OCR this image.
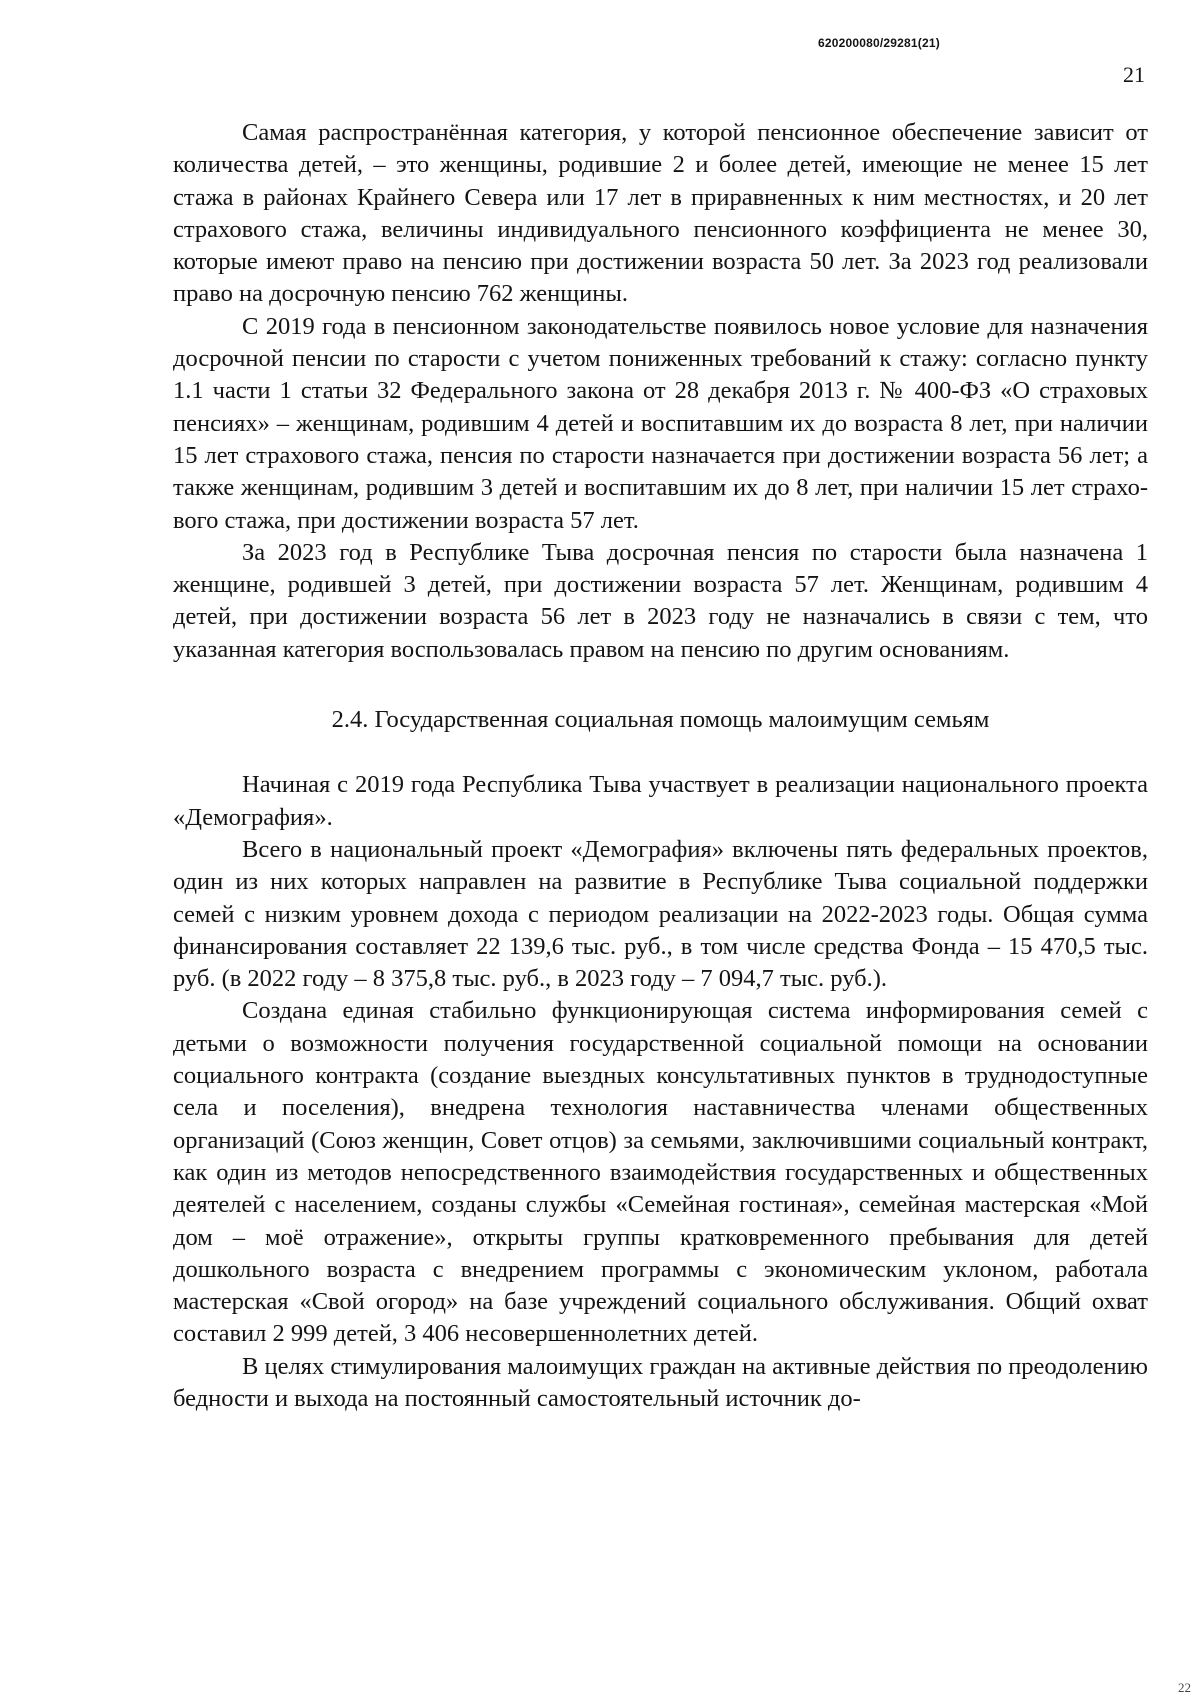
620200080/29281(21)
21

Самая распространённая категория, у которой пенсионное обеспечение зависит от количества детей, – это женщины, родившие 2 и более детей, имеющие не менее 15 лет стажа в районах Крайнего Севера или 17 лет в приравненных к ним местностях, и 20 лет страхового стажа, величины индивидуального пенсионного коэффициента не менее 30, которые имеют право на пенсию при достижении возраста 50 лет. За 2023 год реализовали право на досрочную пенсию 762 женщины.

С 2019 года в пенсионном законодательстве появилось новое условие для назначения досрочной пенсии по старости с учетом пониженных требований к стажу: согласно пункту 1.1 части 1 статьи 32 Федерального закона от 28 декабря 2013 г. № 400-ФЗ «О страховых пенсиях» – женщинам, родившим 4 детей и воспитавшим их до возраста 8 лет, при наличии 15 лет страхового стажа, пенсия по старости назначается при достижении возраста 56 лет; а также женщинам, родившим 3 детей и воспитавшим их до 8 лет, при наличии 15 лет страхового стажа, при достижении возраста 57 лет.

За 2023 год в Республике Тыва досрочная пенсия по старости была назначена 1 женщине, родившей 3 детей, при достижении возраста 57 лет. Женщинам, родившим 4 детей, при достижении возраста 56 лет в 2023 году не назначались в связи с тем, что указанная категория воспользовалась правом на пенсию по другим основаниям.

2.4. Государственная социальная помощь малоимущим семьям

Начиная с 2019 года Республика Тыва участвует в реализации национального проекта «Демография».

Всего в национальный проект «Демография» включены пять федеральных проектов, один из них которых направлен на развитие в Республике Тыва социальной поддержки семей с низким уровнем дохода с периодом реализации на 2022-2023 годы. Общая сумма финансирования составляет 22 139,6 тыс. руб., в том числе средства Фонда – 15 470,5 тыс. руб. (в 2022 году – 8 375,8 тыс. руб., в 2023 году – 7 094,7 тыс. руб.).

Создана единая стабильно функционирующая система информирования семей с детьми о возможности получения государственной социальной помощи на основании социального контракта (создание выездных консультативных пунктов в труднодоступные села и поселения), внедрена технология наставничества членами общественных организаций (Союз женщин, Совет отцов) за семьями, заключившими социальный контракт, как один из методов непосредственного взаимодействия государственных и общественных деятелей с населением, созданы службы «Семейная гостиная», семейная мастерская «Мой дом – моё отражение», открыты группы кратковременного пребывания для детей дошкольного возраста с внедрением программы с экономическим уклоном, работала мастерская «Свой огород» на базе учреждений социального обслуживания. Общий охват составил 2 999 детей, 3 406 несовершеннолетних детей.

В целях стимулирования малоимущих граждан на активные действия по преодолению бедности и выхода на постоянный самостоятельный источник до-

22
